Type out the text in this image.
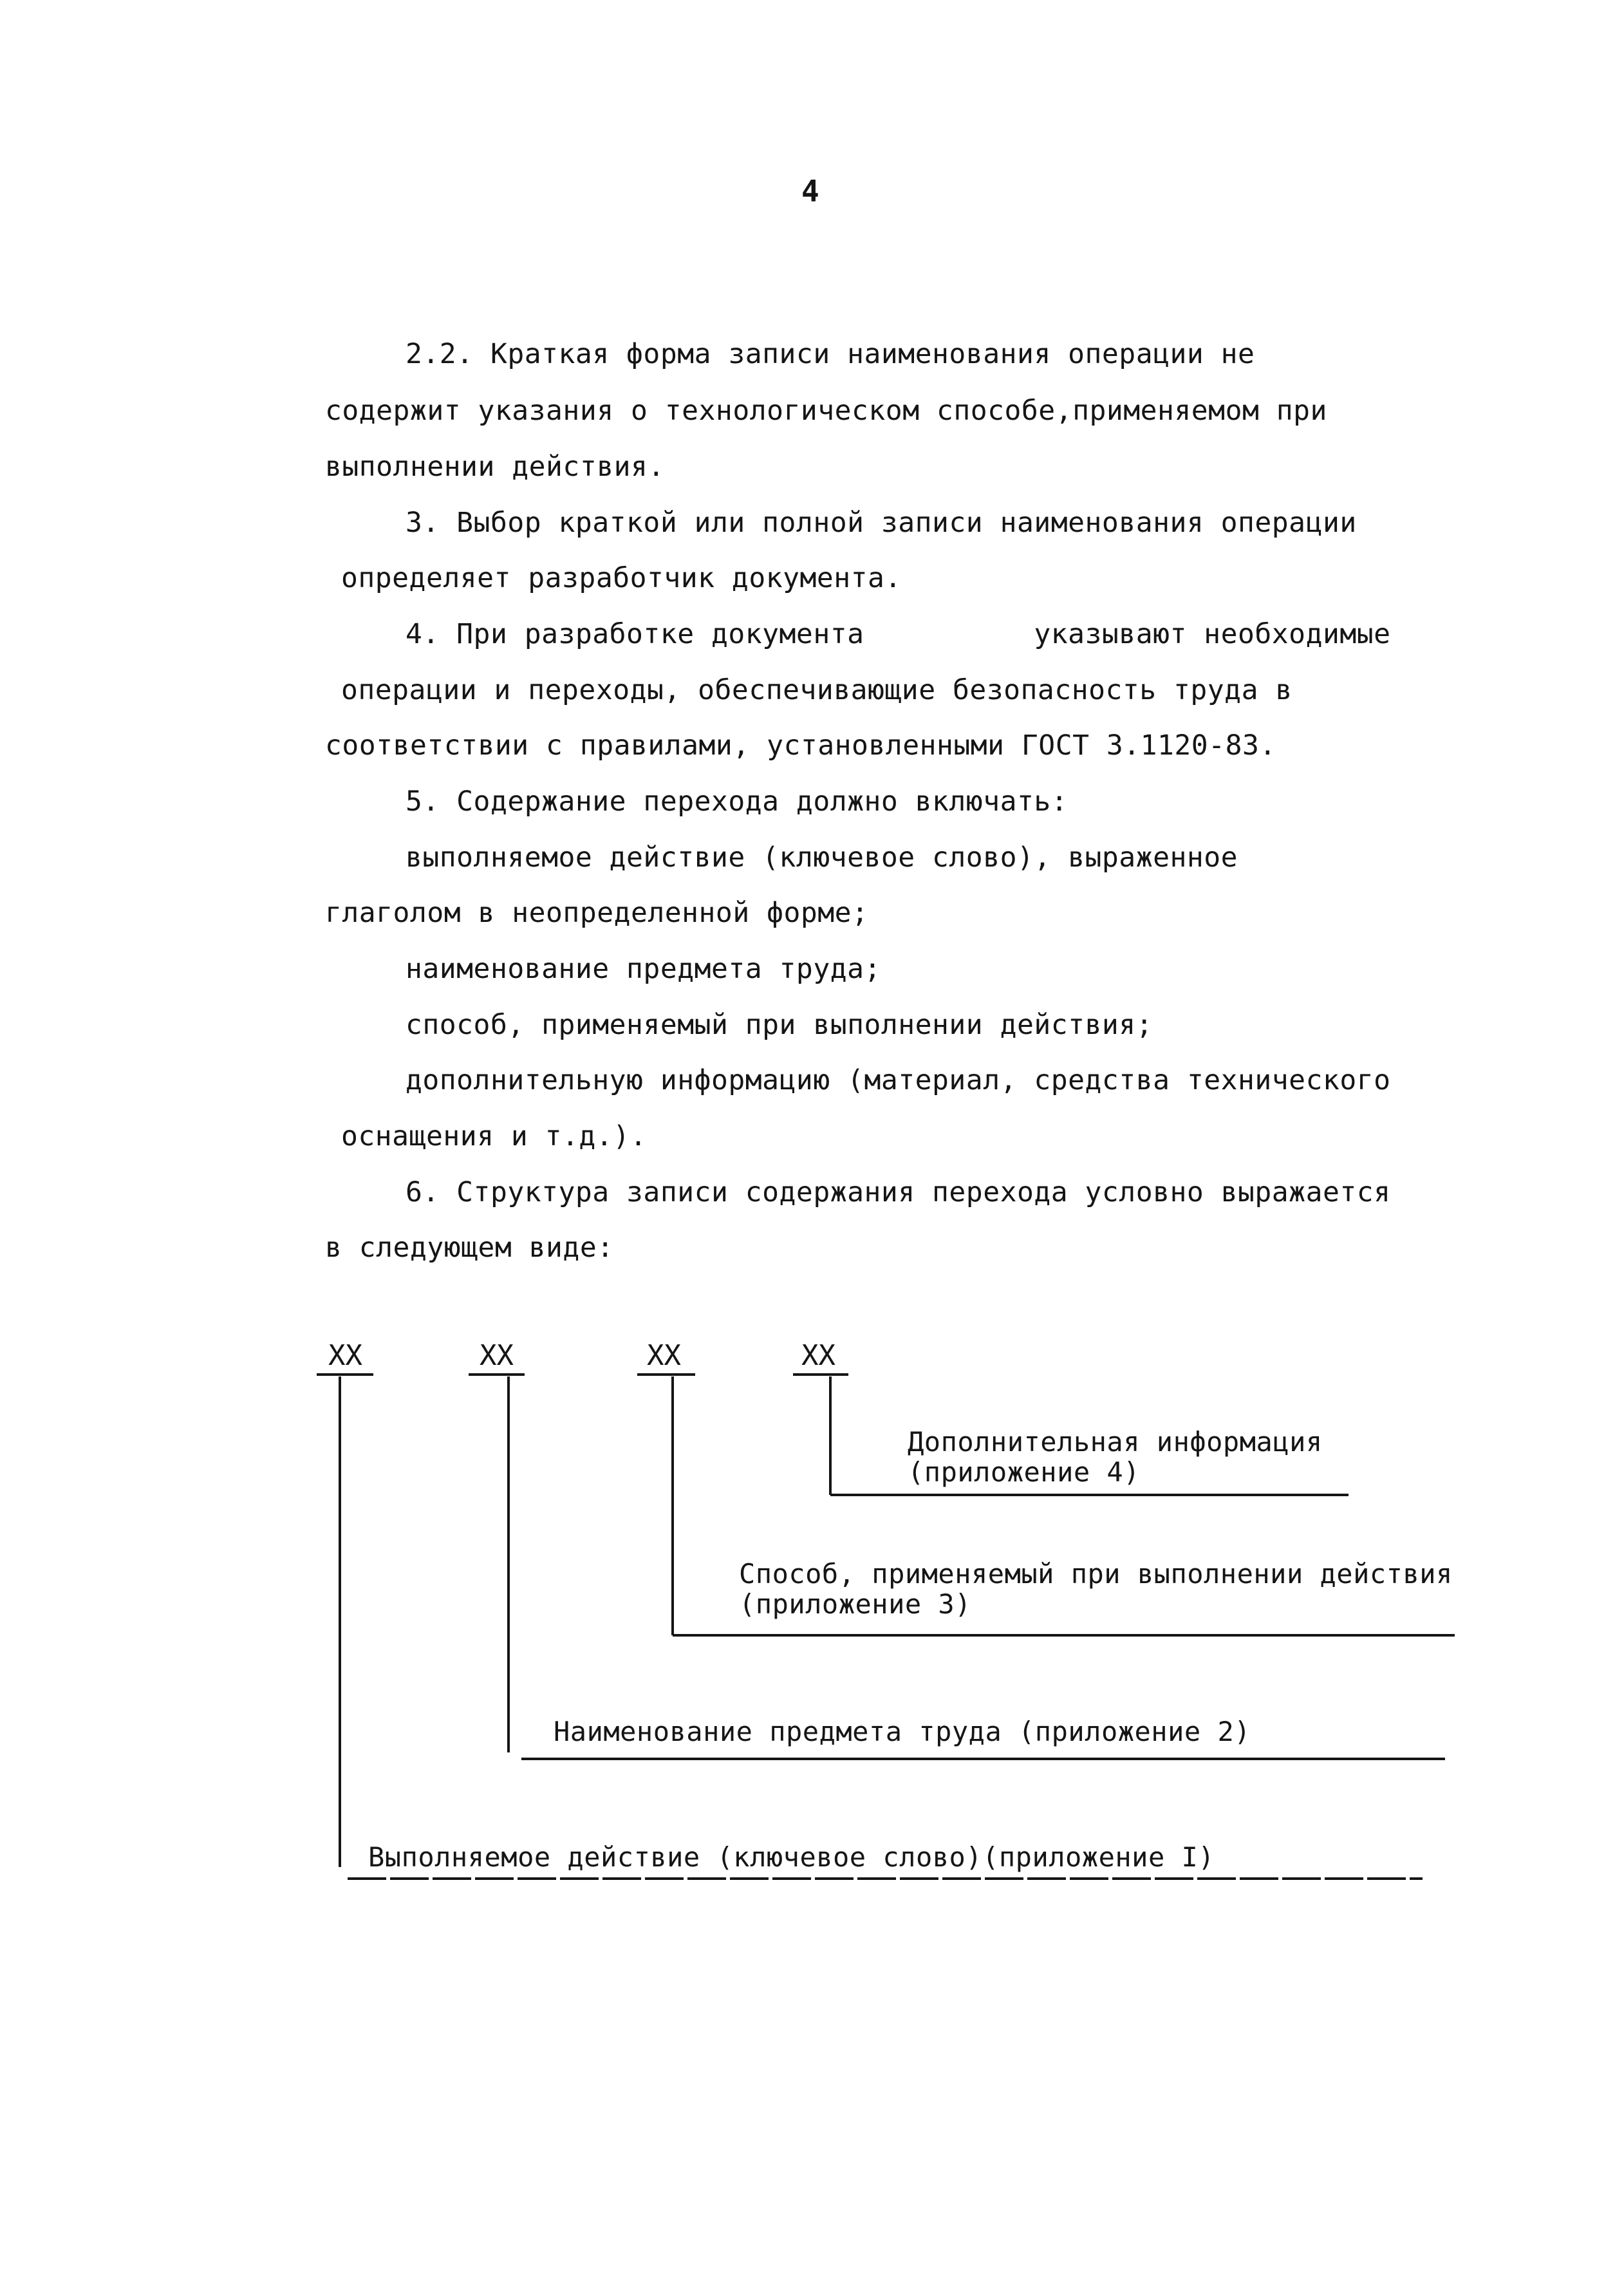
4
2.2. Краткая форма записи наименования операции не
содержит указания о технологическом способе,применяемом при
выполнении действия.
3. Выбор краткой или полной записи наименования операции
определяет разработчик документа.
4. При разработке документа          указывают необходимые
операции и переходы, обеспечивающие безопасность труда в
соответствии с правилами, установленными ГОСТ 3.1120-83.
5. Содержание перехода должно включать:
выполняемое действие (ключевое слово), выраженное
глаголом в неопределенной форме;
наименование предмета труда;
способ, применяемый при выполнении действия;
дополнительную информацию (материал, средства технического
оснащения и т.д.).
6. Структура записи содержания перехода условно выражается
в следующем виде:
XX	XX	XX	XX
Дополнительная информация
(приложение 4)
Способ, применяемый при выполнении действия
(приложение 3)
Наименование предмета труда (приложение 2)
Выполняемое действие (ключевое слово)(приложение I)
